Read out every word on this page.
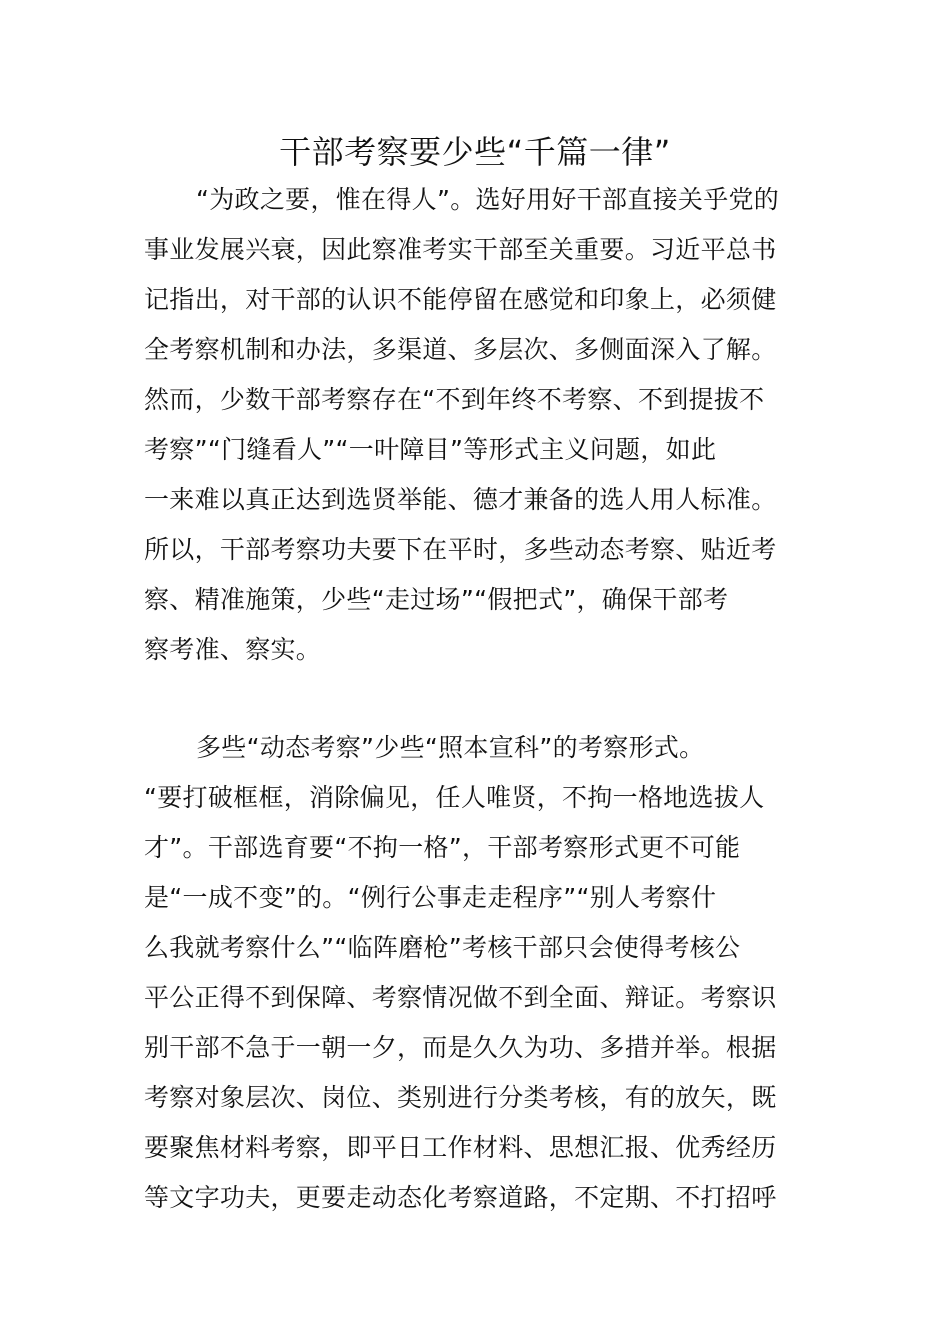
干部考察要少些“千篇一律”
“为政之要，惟在得人”。选好用好干部直接关乎党的
事业发展兴衰，因此察准考实干部至关重要。习近平总书
记指出，对干部的认识不能停留在感觉和印象上，必须健
全考察机制和办法，多渠道、多层次、多侧面深入了解。
然而，少数干部考察存在“不到年终不考察、不到提拔不
考察”“门缝看人”“一叶障目”等形式主义问题，如此
一来难以真正达到选贤举能、德才兼备的选人用人标准。
所以，干部考察功夫要下在平时，多些动态考察、贴近考
察、精准施策，少些“走过场”“假把式”，确保干部考
察考准、察实。
多些“动态考察”少些“照本宣科”的考察形式。
“要打破框框，消除偏见，任人唯贤，不拘一格地选拔人
才”。干部选育要“不拘一格”，干部考察形式更不可能
是“一成不变”的。“例行公事走走程序”“别人考察什
么我就考察什么”“临阵磨枪”考核干部只会使得考核公
平公正得不到保障、考察情况做不到全面、辩证。考察识
别干部不急于一朝一夕，而是久久为功、多措并举。根据
考察对象层次、岗位、类别进行分类考核，有的放矢，既
要聚焦材料考察，即平日工作材料、思想汇报、优秀经历
等文字功夫，更要走动态化考察道路，不定期、不打招呼
